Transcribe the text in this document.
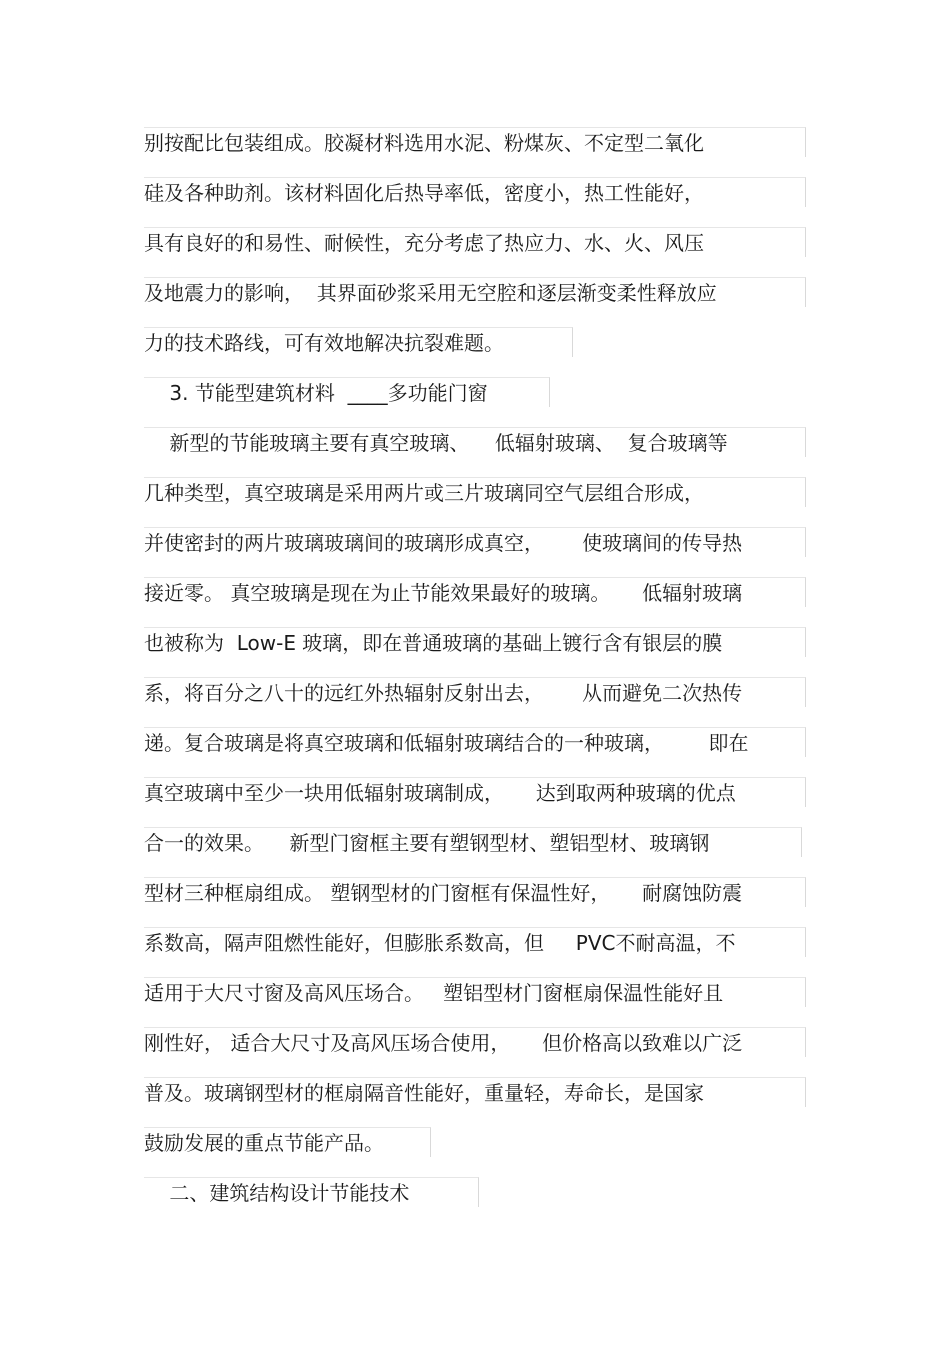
别按配比包装组成。胶凝材料选用水泥、粉煤灰、不定型二氧化
硅及各种助剂。该材料固化后热导率低，密度小，热工性能好，
具有良好的和易性、耐候性，充分考虑了热应力、水、火、风压
及地震力的影响，  其界面砂浆采用无空腔和逐层渐变柔性释放应
力的技术路线，可有效地解决抗裂难题。
3. 节能型建筑材料  ____多功能门窗
新型的节能玻璃主要有真空玻璃、    低辐射玻璃、  复合玻璃等
几种类型，真空玻璃是采用两片或三片玻璃同空气层组合形成，
并使密封的两片玻璃玻璃间的玻璃形成真空，      使玻璃间的传导热
接近零。 真空玻璃是现在为止节能效果最好的玻璃。     低辐射玻璃
也被称为  Low-E 玻璃，即在普通玻璃的基础上镀行含有银层的膜
系，将百分之八十的远红外热辐射反射出去，      从而避免二次热传
递。复合玻璃是将真空玻璃和低辐射玻璃结合的一种玻璃，       即在
真空玻璃中至少一块用低辐射玻璃制成，     达到取两种玻璃的优点
合一的效果。    新型门窗框主要有塑钢型材、塑铝型材、玻璃钢
型材三种框扇组成。 塑钢型材的门窗框有保温性好，     耐腐蚀防震
系数高，隔声阻燃性能好，但膨胀系数高，但     PVC不耐高温，不
适用于大尺寸窗及高风压场合。   塑铝型材门窗框扇保温性能好且
刚性好， 适合大尺寸及高风压场合使用，     但价格高以致难以广泛
普及。玻璃钢型材的框扇隔音性能好，重量轻，寿命长，是国家
鼓励发展的重点节能产品。
二、建筑结构设计节能技术
